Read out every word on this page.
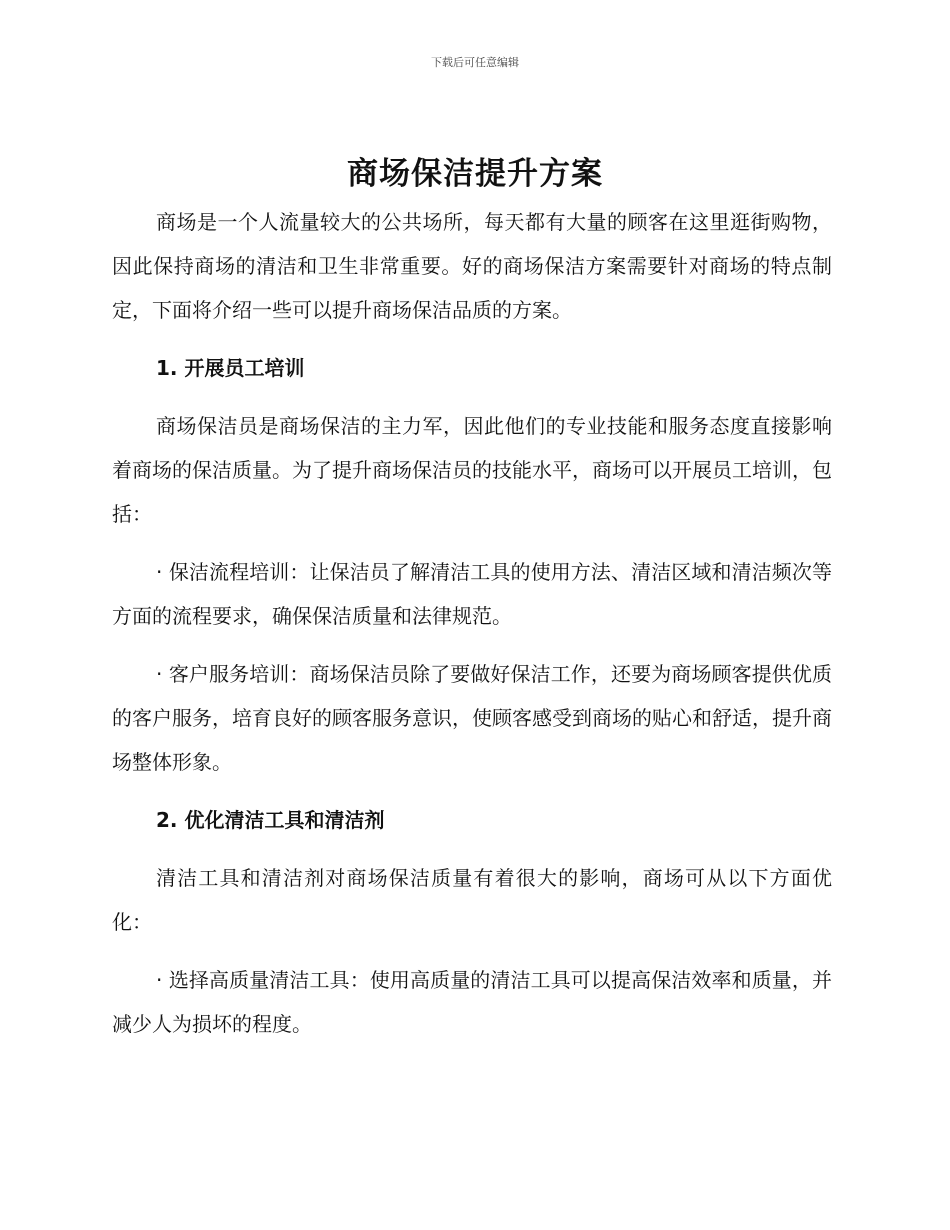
下载后可任意编辑
商场保洁提升方案

商场是一个人流量较大的公共场所，每天都有大量的顾客在这里逛街购物，因此保持商场的清洁和卫生非常重要。好的商场保洁方案需要针对商场的特点制定，下面将介绍一些可以提升商场保洁品质的方案。

1. 开展员工培训

商场保洁员是商场保洁的主力军，因此他们的专业技能和服务态度直接影响着商场的保洁质量。为了提升商场保洁员的技能水平，商场可以开展员工培训，包括：

· 保洁流程培训：让保洁员了解清洁工具的使用方法、清洁区域和清洁频次等方面的流程要求，确保保洁质量和法律规范。

· 客户服务培训：商场保洁员除了要做好保洁工作，还要为商场顾客提供优质的客户服务，培育良好的顾客服务意识，使顾客感受到商场的贴心和舒适，提升商场整体形象。

2. 优化清洁工具和清洁剂

清洁工具和清洁剂对商场保洁质量有着很大的影响，商场可从以下方面优化：

· 选择高质量清洁工具：使用高质量的清洁工具可以提高保洁效率和质量，并减少人为损坏的程度。
